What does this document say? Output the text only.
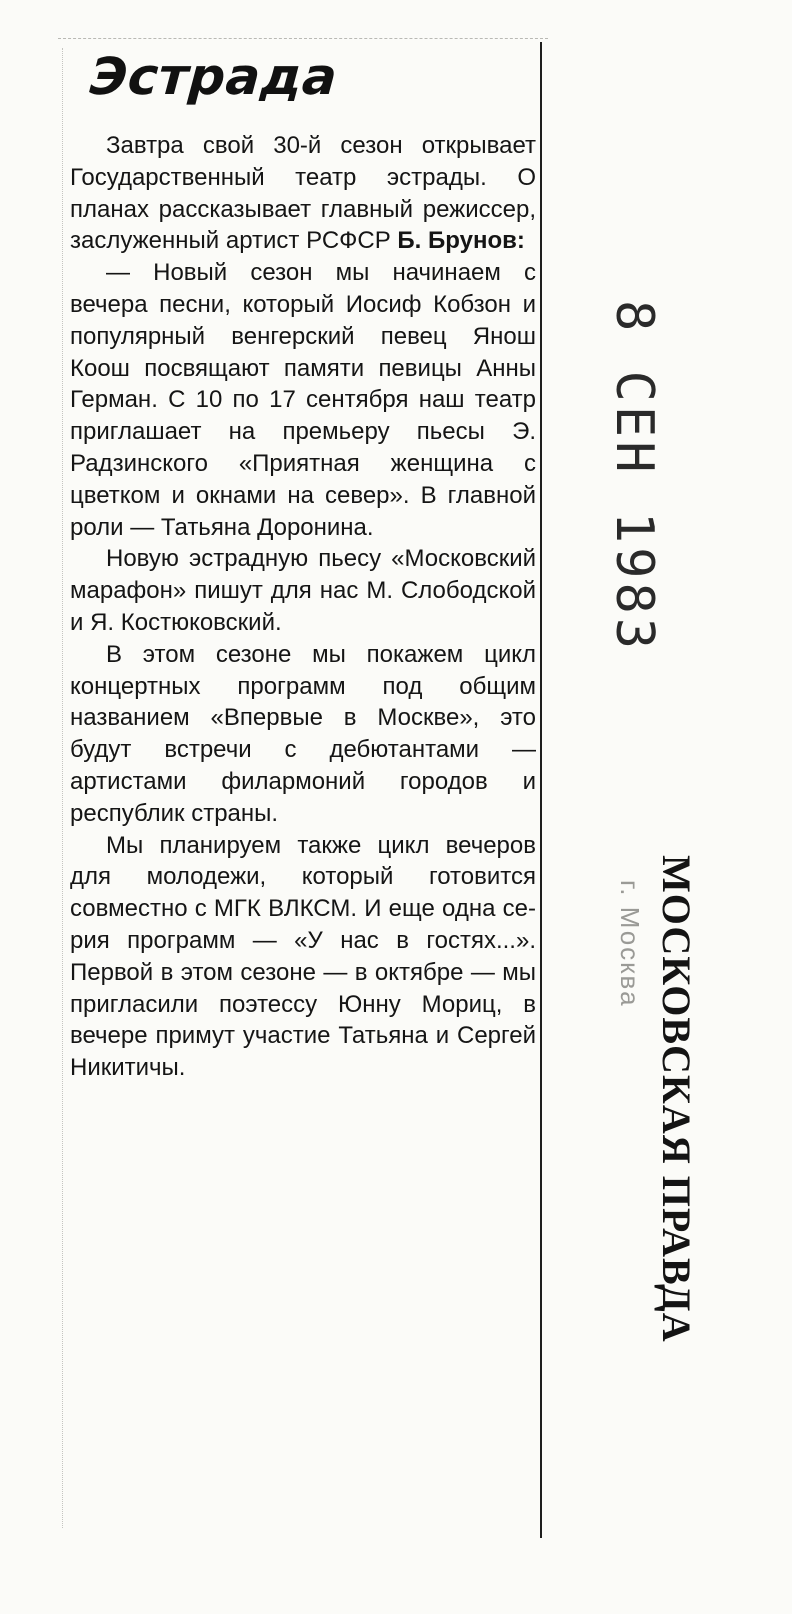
Эстрада

Завтра свой 30-й сезон открывает Государственный театр эстрады. О планах рассказывает главный режиссер, заслуженный артист РСФСР Б. Брунов:

— Новый сезон мы начинаем с вечера песни, который Иосиф Кобзон и популярный венгерский певец Янош Коош посвящают памяти певицы Анны Герман. С 10 по 17 сентября наш театр приглашает на премьеру пьесы Э. Радзинского «Приятная женщина с цветком и окнами на север». В главной роли — Татьяна Доронина.

Новую эстрадную пьесу «Московский марафон» пишут для нас М. Слободской и Я. Костюковский.

В этом сезоне мы покажем цикл концертных программ под общим названием «Впервые в Москве», это будут встречи с дебютантами — артистами филармоний городов и республик страны.

Мы планируем также цикл вечеров для молодежи, который готовится совместно с МГК ВЛКСМ. И еще одна серия программ — «У нас в гостях...». Первой в этом сезоне — в октябре — мы пригласили поэтессу Юнну Мориц, в вечере примут участие Татьяна и Сергей Никитичы.

8 СЕН 1983
МОСКОВСКАЯ ПРАВДА
г. Москва
